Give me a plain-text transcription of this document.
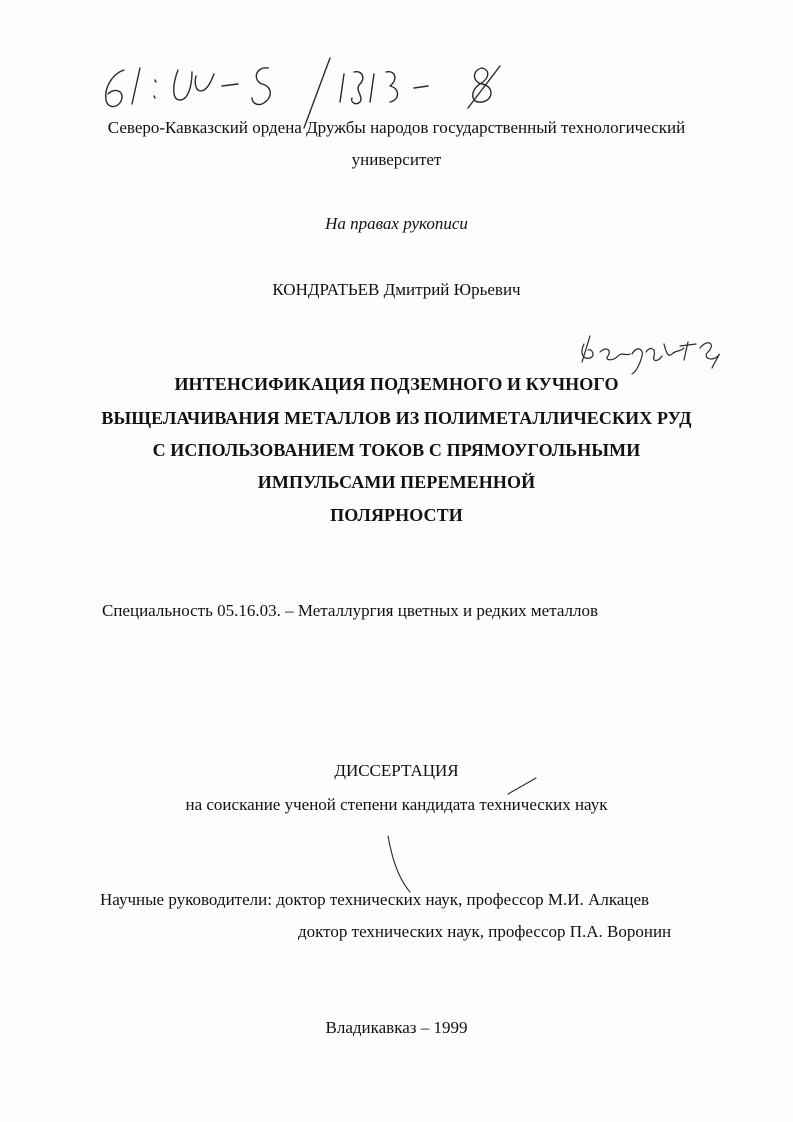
Северо-Кавказский ордена Дружбы народов государственный технологический
университет
На правах рукописи
КОНДРАТЬЕВ Дмитрий Юрьевич
ИНТЕНСИФИКАЦИЯ ПОДЗЕМНОГО И КУЧНОГО
ВЫЩЕЛАЧИВАНИЯ МЕТАЛЛОВ ИЗ ПОЛИМЕТАЛЛИЧЕСКИХ РУД
С ИСПОЛЬЗОВАНИЕМ ТОКОВ С ПРЯМОУГОЛЬНЫМИ
ИМПУЛЬСАМИ ПЕРЕМЕННОЙ
ПОЛЯРНОСТИ
Специальность 05.16.03. – Металлургия цветных и редких металлов
ДИССЕРТАЦИЯ
на соискание ученой степени кандидата технических наук
Научные руководители: доктор технических наук, профессор М.И. Алкацев
доктор технических наук, профессор П.А. Воронин
Владикавказ – 1999
